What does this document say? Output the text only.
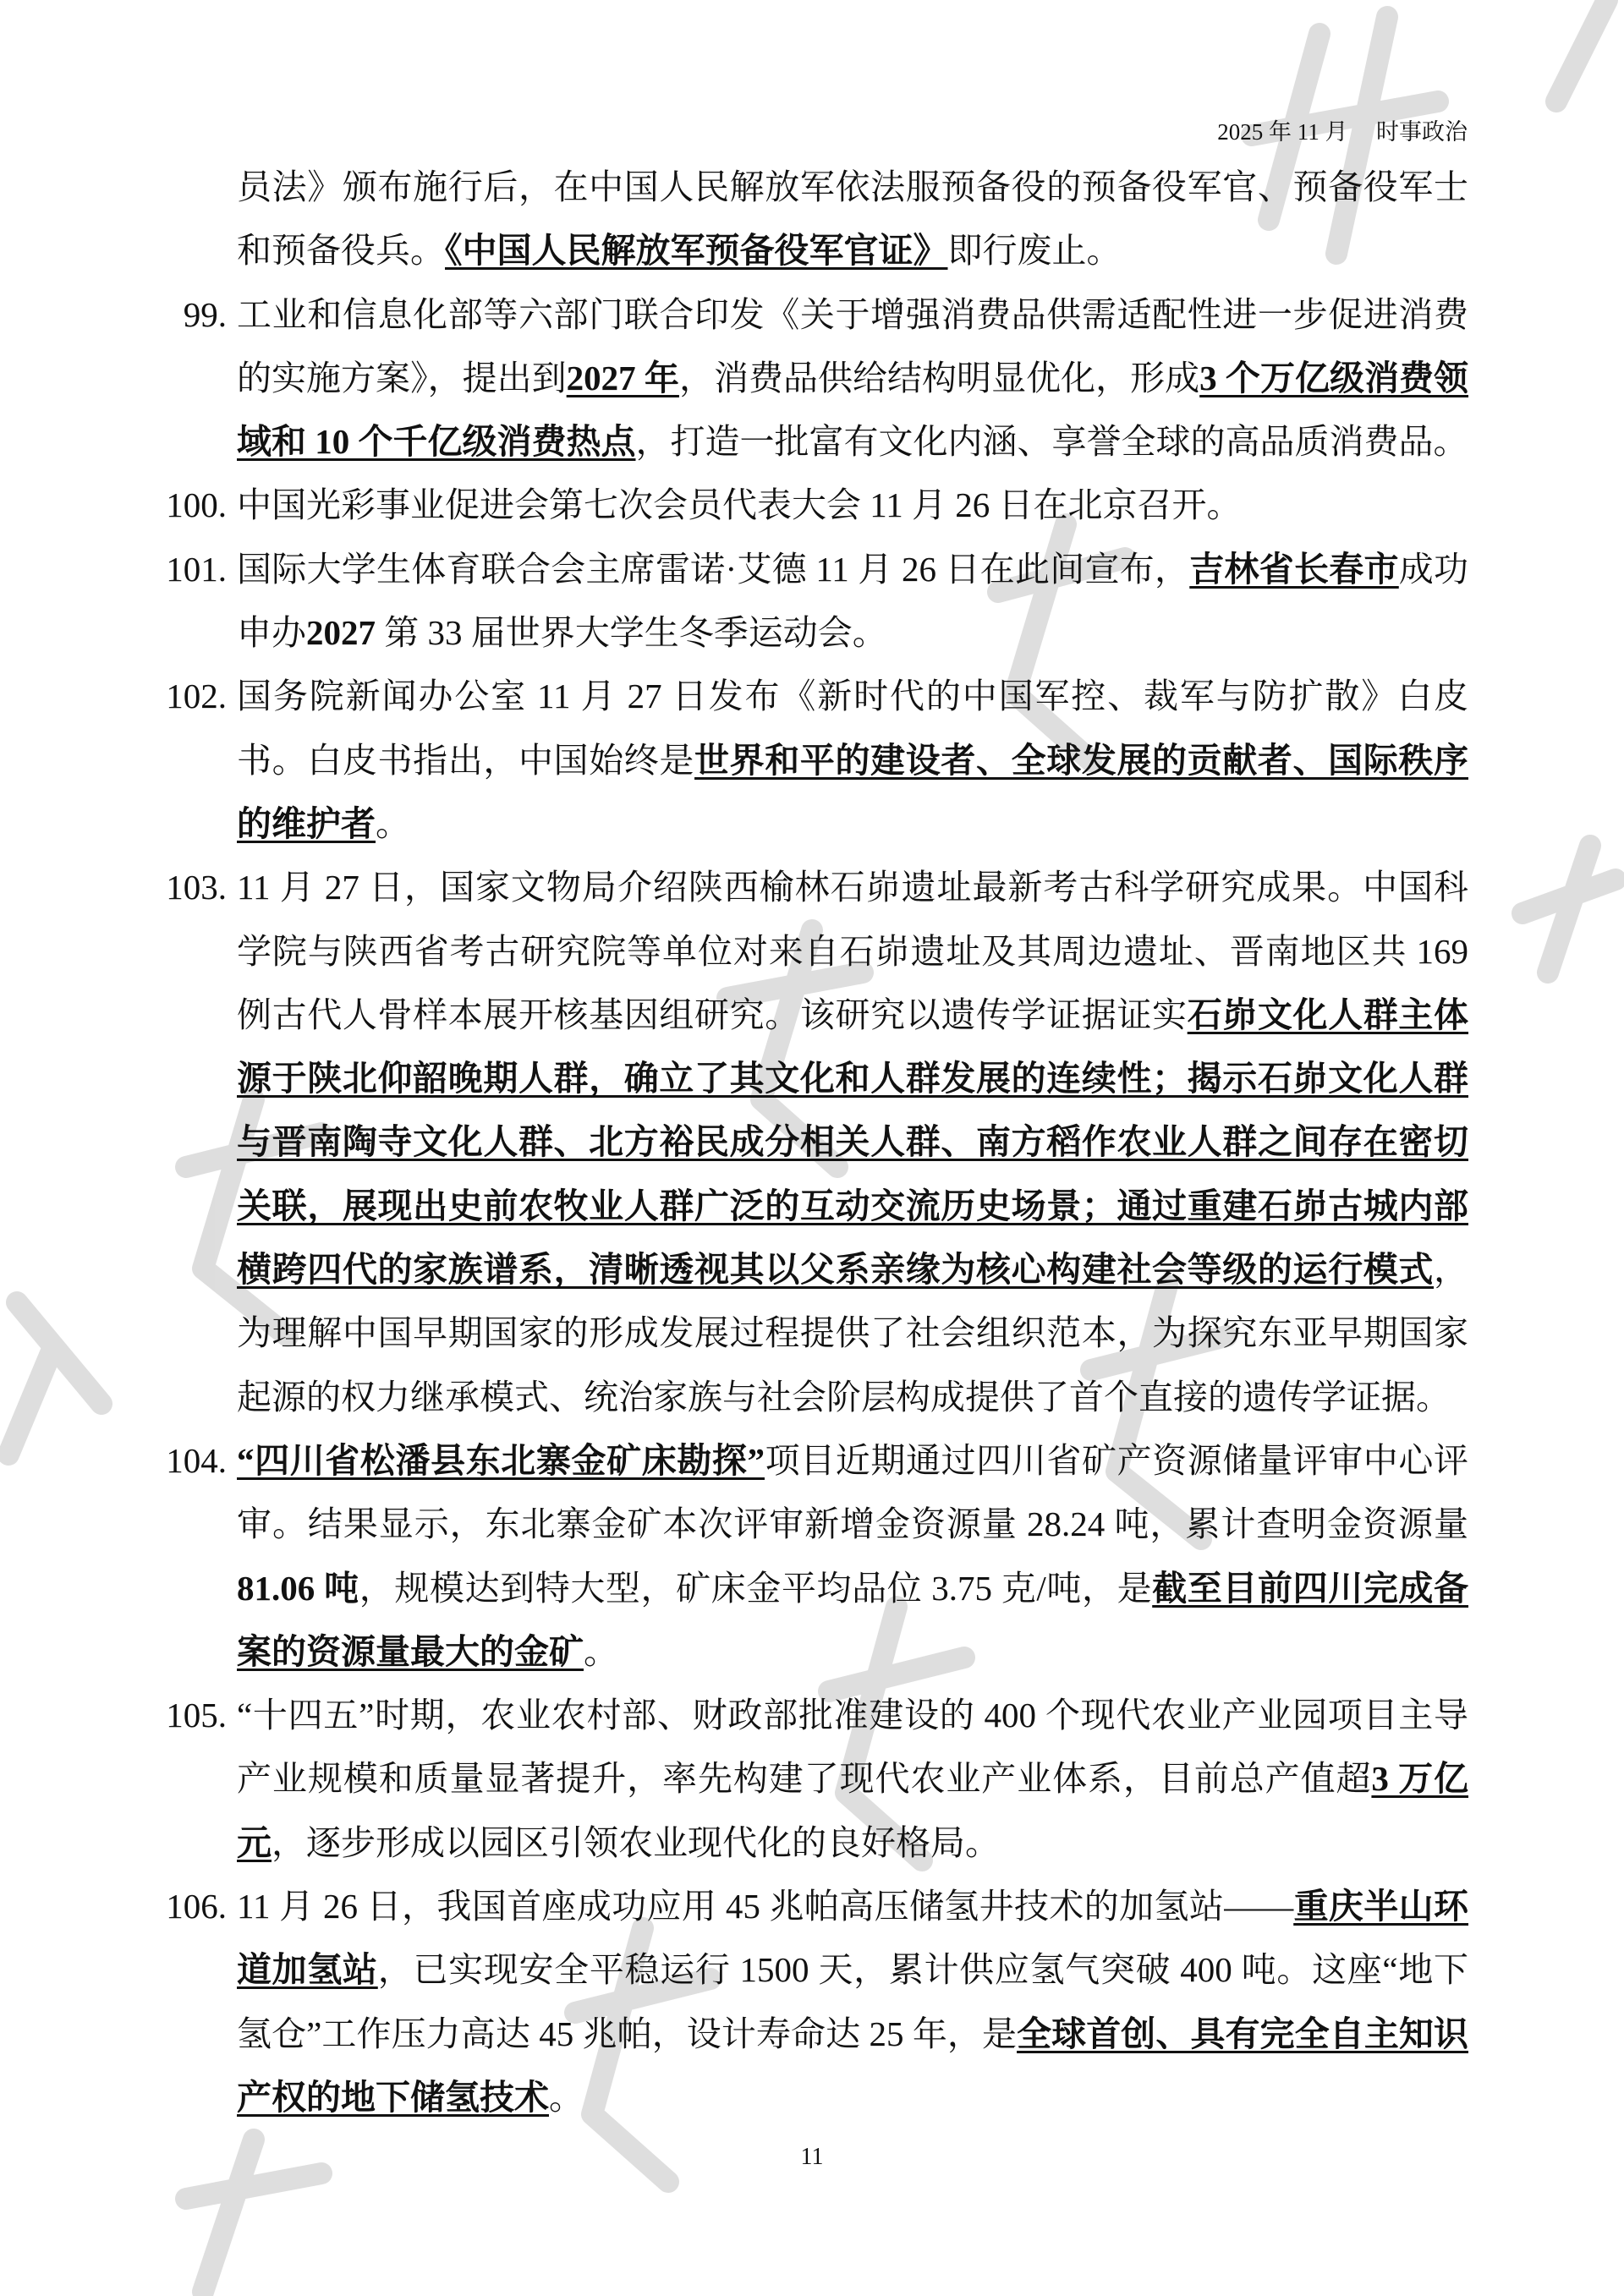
2025 年 11 月 时事政治

员法》颁布施行后，在中国人民解放军依法服预备役的预备役军官、预备役军士和预备役兵。《中国人民解放军预备役军官证》即行废止。

99. 工业和信息化部等六部门联合印发《关于增强消费品供需适配性进一步促进消费的实施方案》，提出到2027 年，消费品供给结构明显优化，形成3 个万亿级消费领域和 10 个千亿级消费热点，打造一批富有文化内涵、享誉全球的高品质消费品。

100. 中国光彩事业促进会第七次会员代表大会 11 月 26 日在北京召开。

101. 国际大学生体育联合会主席雷诺·艾德 11 月 26 日在此间宣布，吉林省长春市成功申办2027 第 33 届世界大学生冬季运动会。

102. 国务院新闻办公室 11 月 27 日发布《新时代的中国军控、裁军与防扩散》白皮书。白皮书指出，中国始终是世界和平的建设者、全球发展的贡献者、国际秩序的维护者。

103. 11 月 27 日，国家文物局介绍陕西榆林石峁遗址最新考古科学研究成果。中国科学院与陕西省考古研究院等单位对来自石峁遗址及其周边遗址、晋南地区共 169 例古代人骨样本展开核基因组研究。该研究以遗传学证据证实石峁文化人群主体源于陕北仰韶晚期人群，确立了其文化和人群发展的连续性；揭示石峁文化人群与晋南陶寺文化人群、北方裕民成分相关人群、南方稻作农业人群之间存在密切关联，展现出史前农牧业人群广泛的互动交流历史场景；通过重建石峁古城内部横跨四代的家族谱系，清晰透视其以父系亲缘为核心构建社会等级的运行模式，为理解中国早期国家的形成发展过程提供了社会组织范本，为探究东亚早期国家起源的权力继承模式、统治家族与社会阶层构成提供了首个直接的遗传学证据。

104. “四川省松潘县东北寨金矿床勘探”项目近期通过四川省矿产资源储量评审中心评审。结果显示，东北寨金矿本次评审新增金资源量 28.24 吨，累计查明金资源量 81.06 吨，规模达到特大型，矿床金平均品位 3.75 克/吨，是截至目前四川完成备案的资源量最大的金矿。

105. “十四五”时期，农业农村部、财政部批准建设的 400 个现代农业产业园项目主导产业规模和质量显著提升，率先构建了现代农业产业体系，目前总产值超3 万亿元，逐步形成以园区引领农业现代化的良好格局。

106. 11 月 26 日，我国首座成功应用 45 兆帕高压储氢井技术的加氢站——重庆半山环道加氢站，已实现安全平稳运行 1500 天，累计供应氢气突破 400 吨。这座“地下氢仓”工作压力高达 45 兆帕，设计寿命达 25 年，是全球首创、具有完全自主知识产权的地下储氢技术。

11
